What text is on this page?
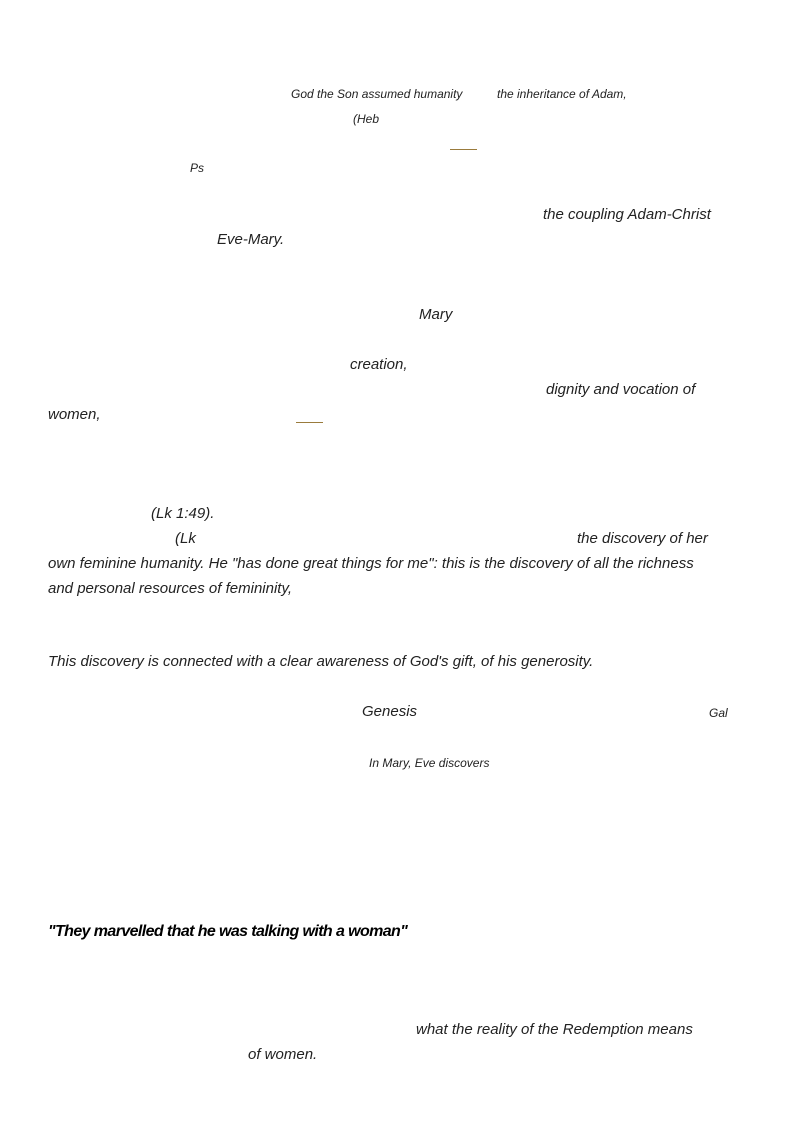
God the Son assumed humanity	the inheritance of Adam,
(Heb
Ps
the coupling Adam-Christ
Eve-Mary.
Mary
creation,
dignity and vocation of
women,
(Lk 1:49).
(Lk	the discovery of her
own feminine humanity. He "has done great things for me": this is the discovery of all the richness
and personal resources of femininity,
This discovery is connected with a clear awareness of God's gift, of his generosity.
Genesis	Gal
In Mary, Eve discovers
"They marvelled that he was talking with a woman"
what the reality of the Redemption means
of women.
